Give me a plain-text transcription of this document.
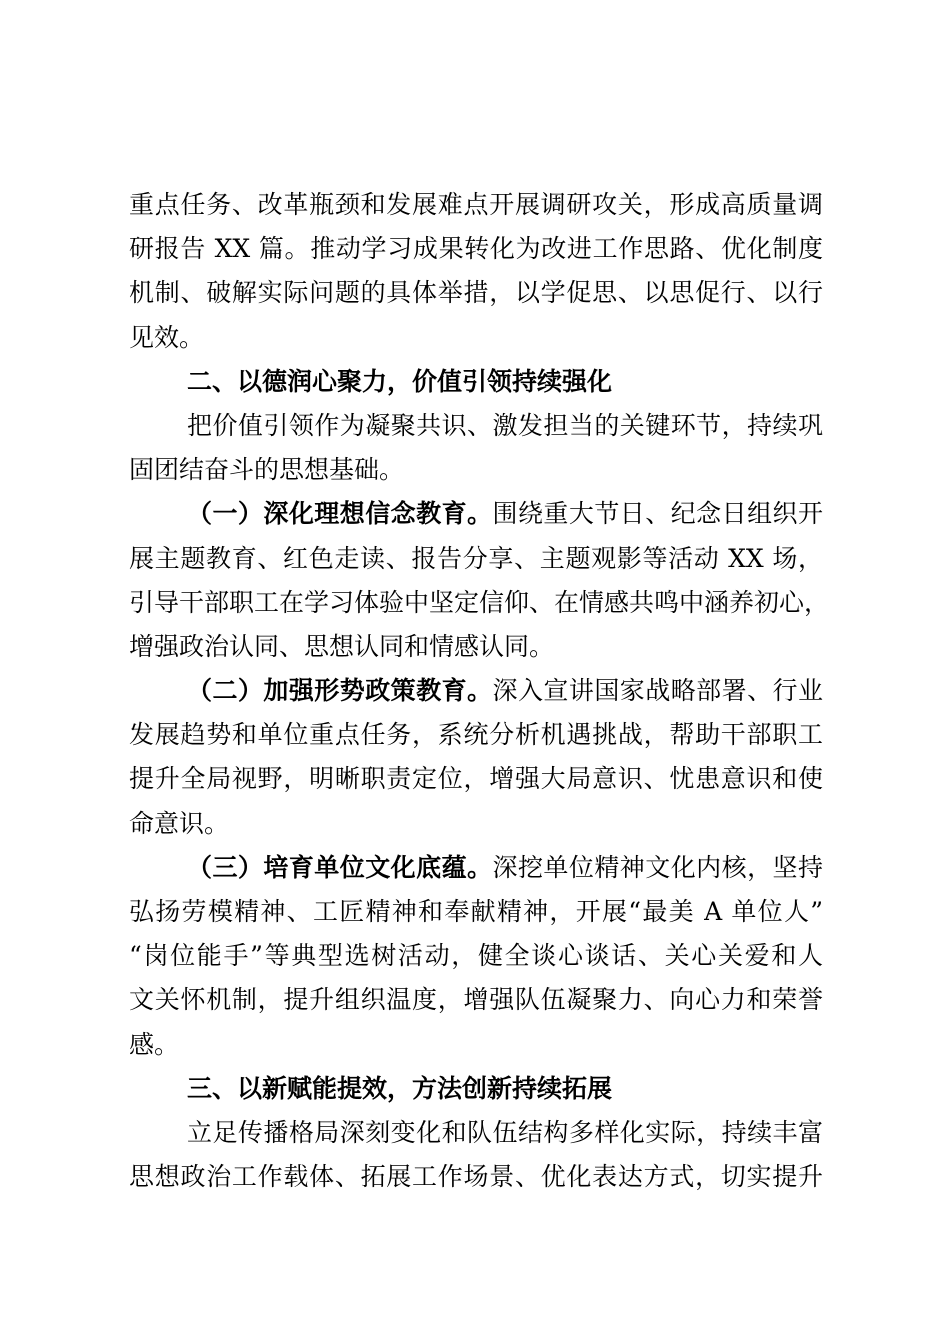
重点任务、改革瓶颈和发展难点开展调研攻关，形成高质量调
研报告 XX 篇。推动学习成果转化为改进工作思路、优化制度
机制、破解实际问题的具体举措，以学促思、以思促行、以行
见效。
二、以德润心聚力，价值引领持续强化
把价值引领作为凝聚共识、激发担当的关键环节，持续巩
固团结奋斗的思想基础。
（一）深化理想信念教育。围绕重大节日、纪念日组织开
展主题教育、红色走读、报告分享、主题观影等活动 XX 场，
引导干部职工在学习体验中坚定信仰、在情感共鸣中涵养初心，
增强政治认同、思想认同和情感认同。
（二）加强形势政策教育。深入宣讲国家战略部署、行业
发展趋势和单位重点任务，系统分析机遇挑战，帮助干部职工
提升全局视野，明晰职责定位，增强大局意识、忧患意识和使
命意识。
（三）培育单位文化底蕴。深挖单位精神文化内核，坚持
弘扬劳模精神、工匠精神和奉献精神，开展“最美 A 单位人”
“岗位能手”等典型选树活动，健全谈心谈话、关心关爱和人
文关怀机制，提升组织温度，增强队伍凝聚力、向心力和荣誉
感。
三、以新赋能提效，方法创新持续拓展
立足传播格局深刻变化和队伍结构多样化实际，持续丰富
思想政治工作载体、拓展工作场景、优化表达方式，切实提升
